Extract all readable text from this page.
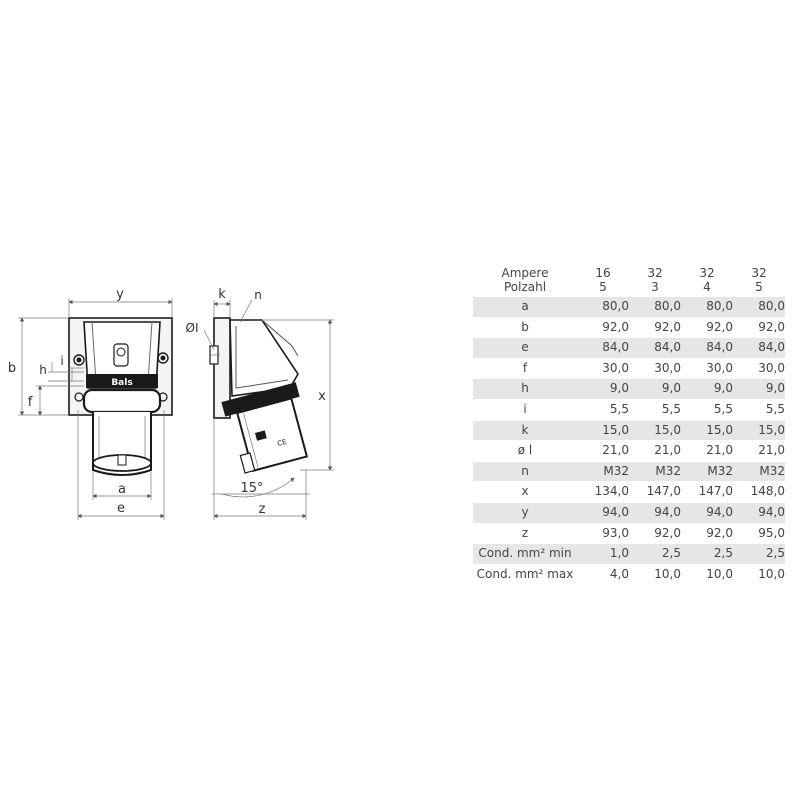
Bals
y
b h
i
f
a
e
CE
k n
ØI
x
15°
z
Ampere	16	32	32	32
Polzahl	5	3	4	5
a	80,0	80,0	80,0	80,0
b	92,0	92,0	92,0	92,0
e	84,0	84,0	84,0	84,0
f	30,0	30,0	30,0	30,0
h	9,0	9,0	9,0	9,0
i	5,5	5,5	5,5	5,5
k	15,0	15,0	15,0	15,0
ø l	21,0	21,0	21,0	21,0
n	M32	M32	M32	M32
x	134,0	147,0	147,0	148,0
y	94,0	94,0	94,0	94,0
z	93,0	92,0	92,0	95,0
Cond. mm² min	1,0	2,5	2,5	2,5
Cond. mm² max	4,0	10,0	10,0	10,0
